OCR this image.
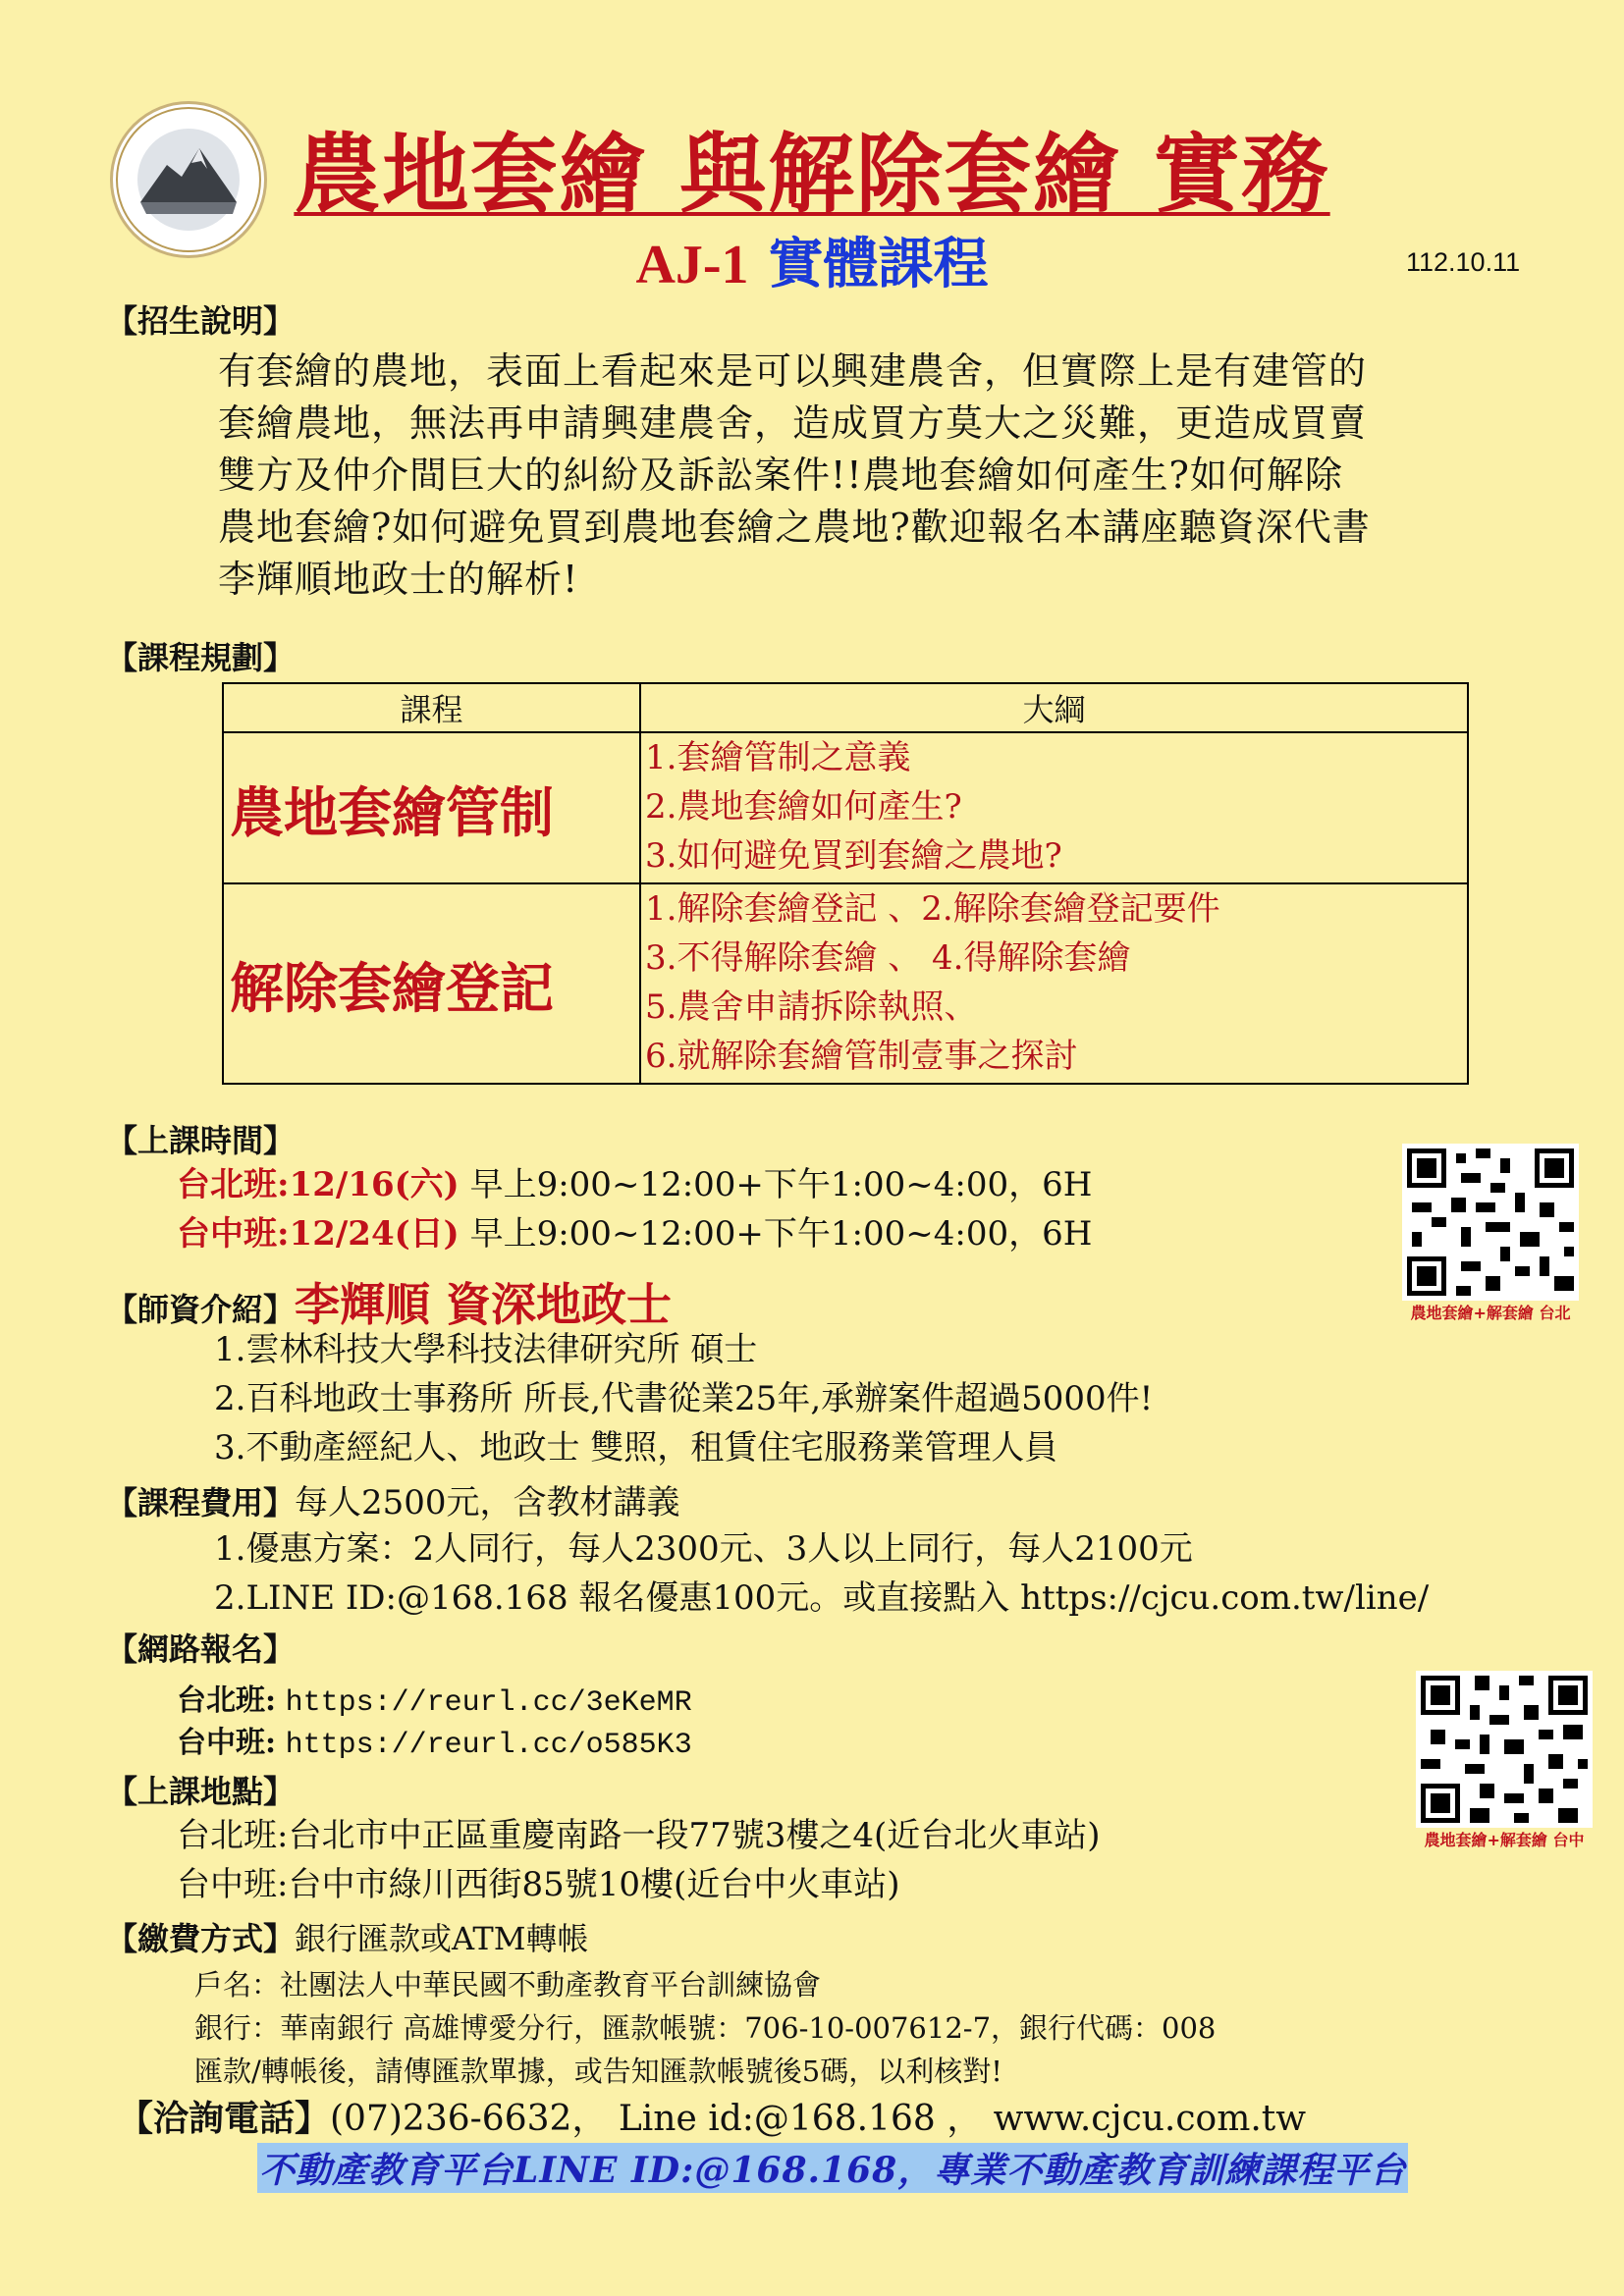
農地套繪 與解除套繪 實務
AJ-1 實體課程	112.10.11
【招生說明】
有套繪的農地，表面上看起來是可以興建農舍，但實際上是有建管的
套繪農地，無法再申請興建農舍，造成買方莫大之災難，更造成買賣
雙方及仲介間巨大的糾紛及訴訟案件!!農地套繪如何產生?如何解除
農地套繪?如何避免買到農地套繪之農地?歡迎報名本講座聽資深代書
李輝順地政士的解析!
【課程規劃】
課程	大綱
農地套繪管制	1.套繪管制之意義
2.農地套繪如何產生?
3.如何避免買到套繪之農地?

解除套繪登記	1.解除套繪登記 、2.解除套繪登記要件
3.不得解除套繪 、 4.得解除套繪
5.農舍申請拆除執照、
6.就解除套繪管制壹事之探討
【上課時間】
台北班:12/16(六) 早上9:00~12:00+下午1:00~4:00，6H
台中班:12/24(日) 早上9:00~12:00+下午1:00~4:00，6H
農地套繪+解套繪 台北
【師資介紹】李輝順 資深地政士
1.雲林科技大學科技法律研究所 碩士
2.百科地政士事務所 所長,代書從業25年,承辦案件超過5000件!
3.不動產經紀人、地政士 雙照，租賃住宅服務業管理人員
【課程費用】每人2500元，含教材講義
1.優惠方案：2人同行，每人2300元、3人以上同行，每人2100元
2.LINE ID:@168.168 報名優惠100元。或直接點入 https://cjcu.com.tw/line/
【網路報名】
台北班: https://reurl.cc/3eKeMR
台中班: https://reurl.cc/o585K3
農地套繪+解套繪 台中
【上課地點】
台北班:台北市中正區重慶南路一段77號3樓之4(近台北火車站)
台中班:台中市綠川西街85號10樓(近台中火車站)
【繳費方式】銀行匯款或ATM轉帳
戶名：社團法人中華民國不動產教育平台訓練協會
銀行：華南銀行 高雄博愛分行，匯款帳號：706-10-007612-7，銀行代碼：008
匯款/轉帳後，請傳匯款單據，或告知匯款帳號後5碼，以利核對!
【洽詢電話】(07)236-6632， Line id:@168.168 ， www.cjcu.com.tw
不動產教育平台LINE ID:@168.168，專業不動產教育訓練課程平台
